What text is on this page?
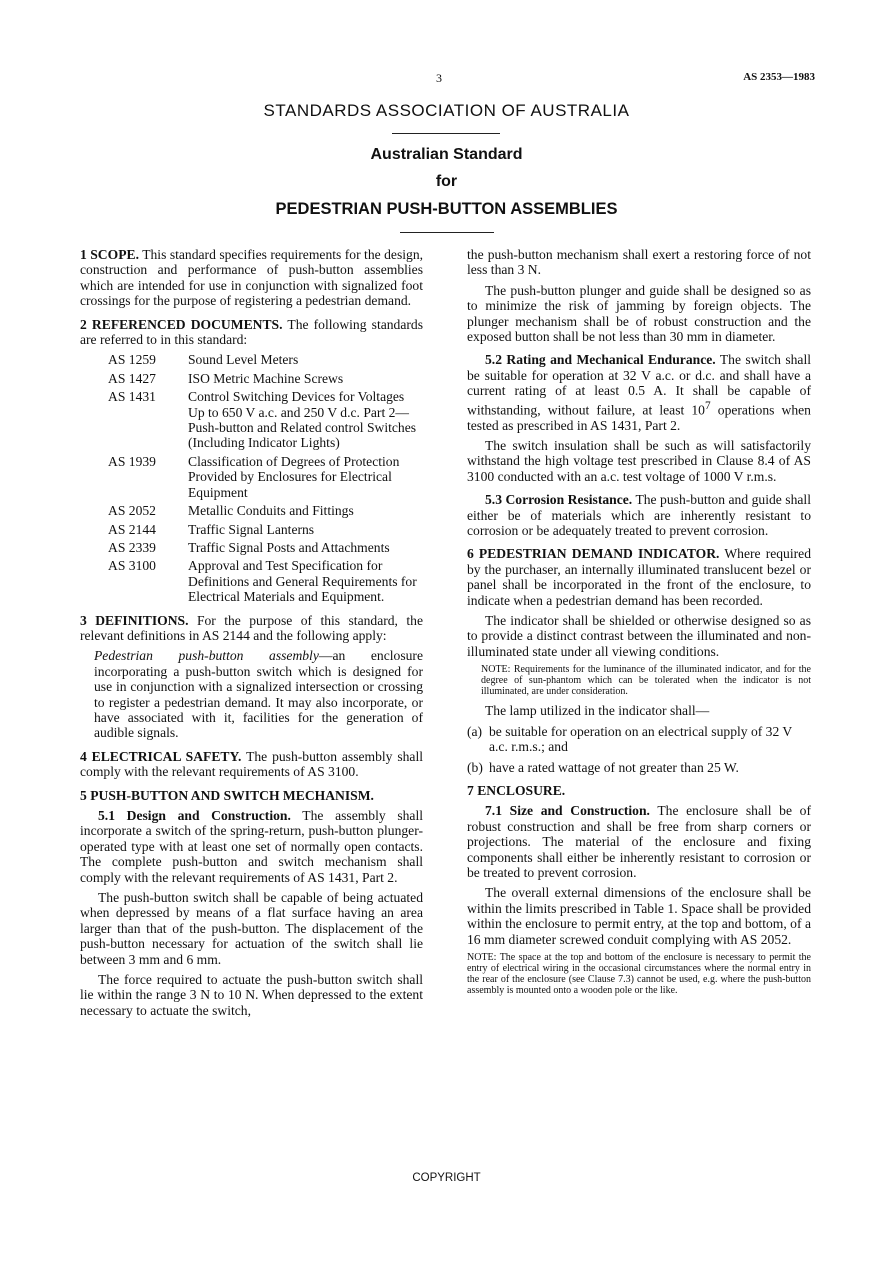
3	AS 2353—1983
STANDARDS ASSOCIATION OF AUSTRALIA
Australian Standard
for
PEDESTRIAN PUSH-BUTTON ASSEMBLIES

1 SCOPE. This standard specifies requirements for the design, construction and performance of push-button assemblies which are intended for use in conjunction with signalized foot crossings for the purpose of registering a pedestrian demand.

2 REFERENCED DOCUMENTS. The following standards are referred to in this standard:

AS 1259	Sound Level Meters
AS 1427	ISO Metric Machine Screws
AS 1431	Control Switching Devices for Voltages Up to 650 V a.c. and 250 V d.c. Part 2—Push-button and Related control Switches (Including Indicator Lights)
AS 1939	Classification of Degrees of Protection Provided by Enclosures for Electrical Equipment
AS 2052	Metallic Conduits and Fittings
AS 2144	Traffic Signal Lanterns
AS 2339	Traffic Signal Posts and Attachments
AS 3100	Approval and Test Specification for Definitions and General Requirements for Electrical Materials and Equipment.

3 DEFINITIONS. For the purpose of this standard, the relevant definitions in AS 2144 and the following apply:

Pedestrian push-button assembly—an enclosure incorporating a push-button switch which is designed for use in conjunction with a signalized intersection or crossing to register a pedestrian demand. It may also incorporate, or have associated with it, facilities for the generation of audible signals.

4 ELECTRICAL SAFETY. The push-button assembly shall comply with the relevant requirements of AS 3100.

5 PUSH-BUTTON AND SWITCH MECHANISM.

5.1 Design and Construction. The assembly shall incorporate a switch of the spring-return, push-button plunger-operated type with at least one set of normally open contacts. The complete push-button and switch mechanism shall comply with the relevant requirements of AS 1431, Part 2.

The push-button switch shall be capable of being actuated when depressed by means of a flat surface having an area larger than that of the push-button. The displacement of the push-button necessary for actuation of the switch shall lie between 3 mm and 6 mm.

The force required to actuate the push-button switch shall lie within the range 3 N to 10 N. When depressed to the extent necessary to actuate the switch,

the push-button mechanism shall exert a restoring force of not less than 3 N.

The push-button plunger and guide shall be designed so as to minimize the risk of jamming by foreign objects. The plunger mechanism shall be of robust construction and the exposed button shall be not less than 30 mm in diameter.

5.2 Rating and Mechanical Endurance. The switch shall be suitable for operation at 32 V a.c. or d.c. and shall have a current rating of at least 0.5 A. It shall be capable of withstanding, without failure, at least $10^7$ operations when tested as prescribed in AS 1431, Part 2.

The switch insulation shall be such as will satisfactorily withstand the high voltage test prescribed in Clause 8.4 of AS 3100 conducted with an a.c. test voltage of 1000 V r.m.s.

5.3 Corrosion Resistance. The push-button and guide shall either be of materials which are inherently resistant to corrosion or be adequately treated to prevent corrosion.

6 PEDESTRIAN DEMAND INDICATOR. Where required by the purchaser, an internally illuminated translucent bezel or panel shall be incorporated in the front of the enclosure, to indicate when a pedestrian demand has been recorded.

The indicator shall be shielded or otherwise designed so as to provide a distinct contrast between the illuminated and non-illuminated state under all viewing conditions.

NOTE: Requirements for the luminance of the illuminated indicator, and for the degree of sun-phantom which can be tolerated when the indicator is not illuminated, are under consideration.

The lamp utilized in the indicator shall—

(a) be suitable for operation on an electrical supply of 32 V a.c. r.m.s.; and
(b) have a rated wattage of not greater than 25 W.

7 ENCLOSURE.

7.1 Size and Construction. The enclosure shall be of robust construction and shall be free from sharp corners or projections. The material of the enclosure and fixing components shall either be inherently resistant to corrosion or be treated to prevent corrosion.

The overall external dimensions of the enclosure shall be within the limits prescribed in Table 1. Space shall be provided within the enclosure to permit entry, at the top and bottom, of a 16 mm diameter screwed conduit complying with AS 2052.

NOTE: The space at the top and bottom of the enclosure is necessary to permit the entry of electrical wiring in the occasional circumstances where the normal entry in the rear of the enclosure (see Clause 7.3) cannot be used, e.g. where the push-button assembly is mounted onto a wooden pole or the like.
COPYRIGHT
